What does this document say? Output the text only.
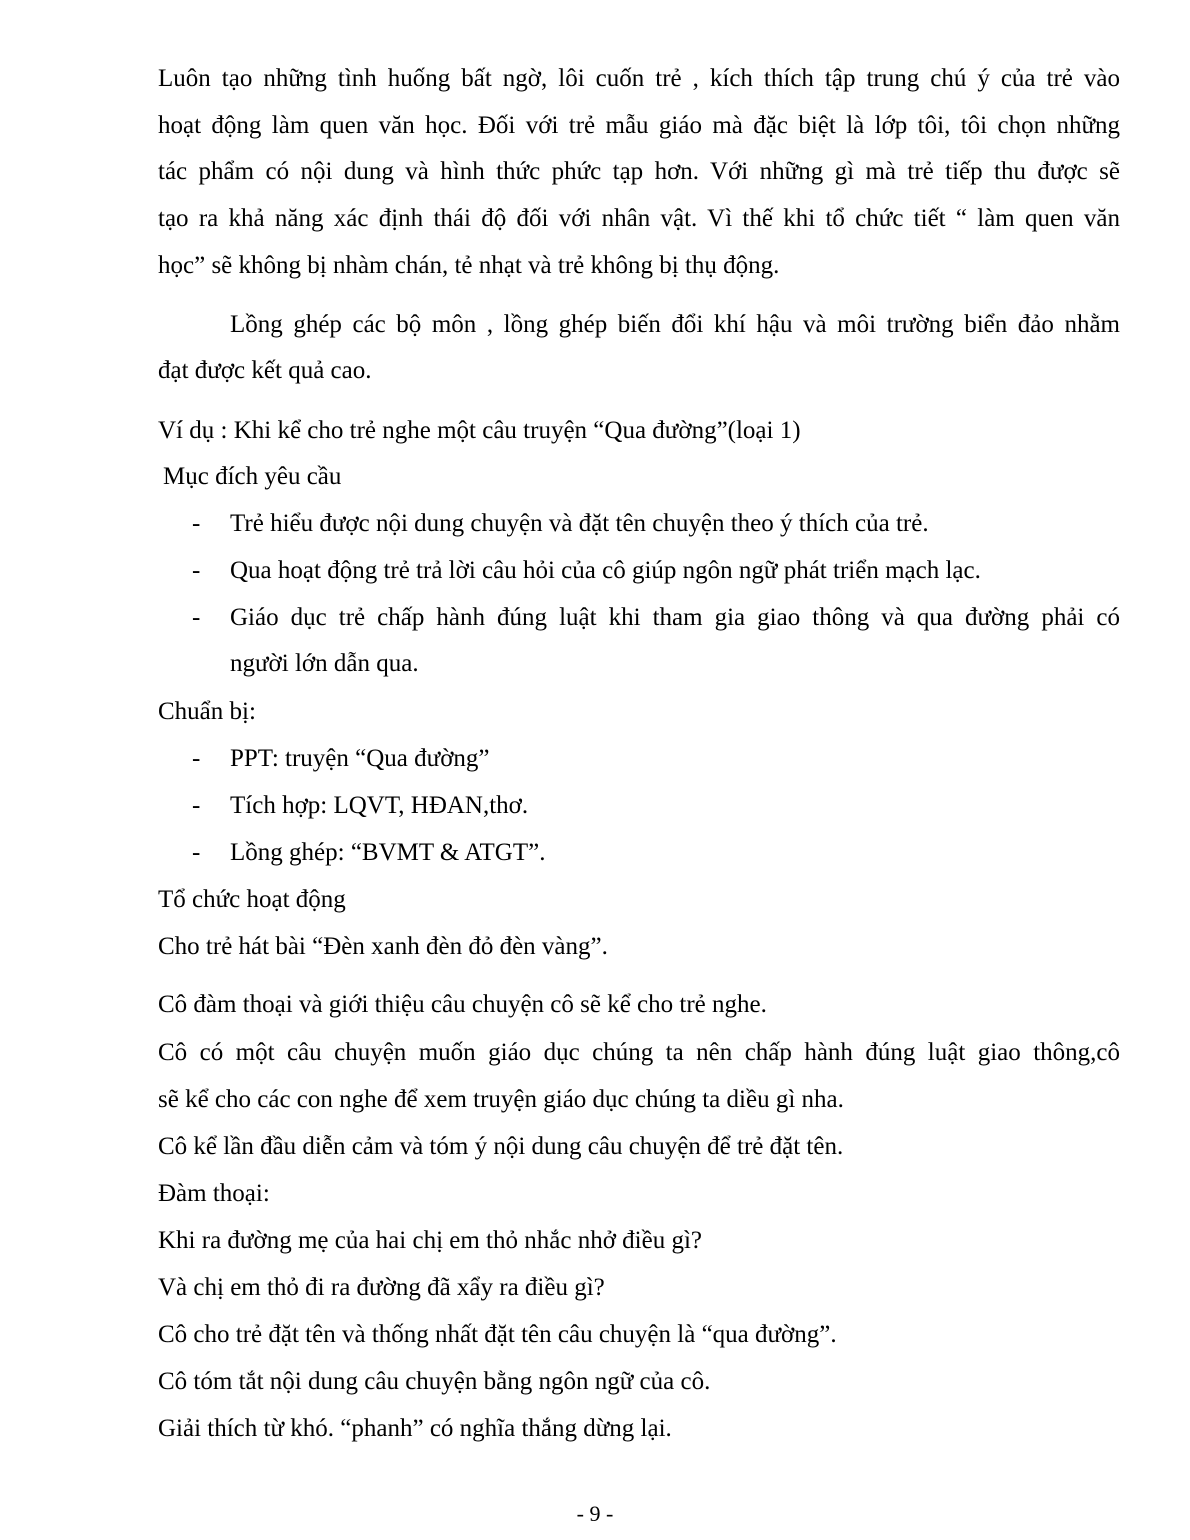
Luôn tạo những tình huống bất ngờ, lôi cuốn trẻ , kích thích tập trung chú ý của trẻ vào

hoạt động làm quen văn học. Đối với trẻ mẫu giáo mà đặc biệt là lớp tôi, tôi chọn những

tác phẩm có nội dung và hình thức phức tạp hơn. Với những gì mà trẻ tiếp thu được sẽ

tạo ra khả năng xác định thái độ đối với nhân vật. Vì thế khi tổ chức tiết “ làm quen văn

học” sẽ không bị nhàm chán, tẻ nhạt và trẻ không bị thụ động.

Lồng ghép các bộ môn , lồng ghép biến đổi khí hậu và môi trường biển đảo nhằm

đạt được kết quả cao.

Ví dụ : Khi kể cho trẻ nghe một câu truyện “Qua đường”(loại 1)

Mục đích yêu cầu

- Trẻ hiểu được nội dung chuyện và đặt tên chuyện theo ý thích của trẻ.

- Qua hoạt động trẻ trả lời câu hỏi của cô giúp ngôn ngữ phát triển mạch lạc.

- Giáo dục trẻ chấp hành đúng luật khi tham gia giao thông và qua đường phải có

người lớn dẫn qua.

Chuẩn bị:

- PPT: truyện “Qua đường”

- Tích hợp: LQVT, HĐAN,thơ.

- Lồng ghép: “BVMT & ATGT”.

Tổ chức hoạt động

Cho trẻ hát bài “Đèn xanh đèn đỏ đèn vàng”.

Cô đàm thoại và giới thiệu câu chuyện cô sẽ kể cho trẻ nghe.

Cô có một câu chuyện muốn giáo dục chúng ta nên chấp hành đúng luật giao thông,cô

sẽ kể cho các con nghe để xem truyện giáo dục chúng ta diều gì nha.

Cô kể lần đầu diễn cảm và tóm ý nội dung câu chuyện để trẻ đặt tên.

Đàm thoại:

Khi ra đường mẹ của hai chị em thỏ nhắc nhở điều gì?

Và chị em thỏ đi ra đường đã xẩy ra điều gì?

Cô cho trẻ đặt tên và thống nhất đặt tên câu chuyện là “qua đường”.

Cô tóm tắt nội dung câu chuyện bằng ngôn ngữ của cô.

Giải thích từ khó. “phanh” có nghĩa thắng dừng lại.

- 9 -
